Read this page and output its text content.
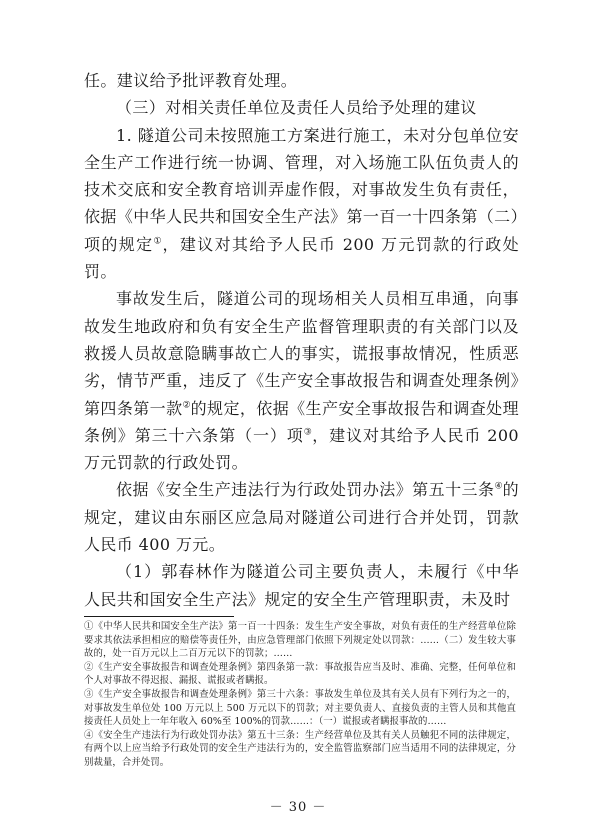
任。建议给予批评教育处理。

（三）对相关责任单位及责任人员给予处理的建议

1. 隧道公司未按照施工方案进行施工，未对分包单位安全生产工作进行统一协调、管理，对入场施工队伍负责人的技术交底和安全教育培训弄虚作假，对事故发生负有责任，依据《中华人民共和国安全生产法》第一百一十四条第（二）项的规定①，建议对其给予人民币 200 万元罚款的行政处罚。

事故发生后，隧道公司的现场相关人员相互串通，向事故发生地政府和负有安全生产监督管理职责的有关部门以及救援人员故意隐瞒事故亡人的事实，谎报事故情况，性质恶劣，情节严重，违反了《生产安全事故报告和调查处理条例》第四条第一款②的规定，依据《生产安全事故报告和调查处理条例》第三十六条第（一）项③，建议对其给予人民币 200 万元罚款的行政处罚。

依据《安全生产违法行为行政处罚办法》第五十三条④的规定，建议由东丽区应急局对隧道公司进行合并处罚，罚款人民币 400 万元。

（1）郭春林作为隧道公司主要负责人，未履行《中华人民共和国安全生产法》规定的安全生产管理职责，未及时

①《中华人民共和国安全生产法》第一百一十四条：发生生产安全事故，对负有责任的生产经营单位除要求其依法承担相应的赔偿等责任外，由应急管理部门依照下列规定处以罚款：……（二）发生较大事故的，处一百万元以上二百万元以下的罚款；……

②《生产安全事故报告和调查处理条例》第四条第一款：事故报告应当及时、准确、完整，任何单位和个人对事故不得迟报、漏报、谎报或者瞒报。

③《生产安全事故报告和调查处理条例》第三十六条：事故发生单位及其有关人员有下列行为之一的，对事故发生单位处 100 万元以上 500 万元以下的罚款；对主要负责人、直接负责的主管人员和其他直接责任人员处上一年年收入 60%至 100%的罚款……：（一）谎报或者瞒报事故的……

④《安全生产违法行为行政处罚办法》第五十三条：生产经营单位及其有关人员触犯不同的法律规定，有两个以上应当给予行政处罚的安全生产违法行为的，安全监管监察部门应当适用不同的法律规定，分别裁量，合并处罚。

－ 30 －
